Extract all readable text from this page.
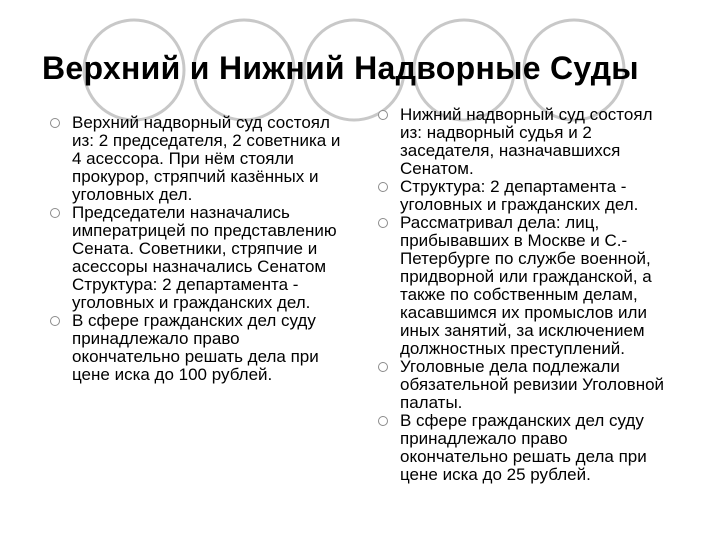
Верхний и Нижний Надворные Суды
Верхний надворный суд состоял из: 2 председателя, 2 советника и 4 асессора. При нём стояли прокурор, стряпчий казённых и уголовных дел.
Председатели назначались императрицей по представлению Сената. Советники, стряпчие и асессоры назначались Сенатом Структура: 2 департамента - уголовных и гражданских дел.
В сфере гражданских дел суду принадлежало право окончательно решать дела при цене иска до 100 рублей.
Нижний надворный суд состоял из: надворный судья и 2 заседателя, назначавшихся Сенатом.
Структура: 2 департамента - уголовных и гражданских дел.
Рассматривал дела: лиц, прибывавших в Москве и С.-Петербурге по службе военной, придворной или гражданской, а также по собственным делам, касавшимся их промыслов или иных занятий, за исключением должностных преступлений.
Уголовные дела подлежали обязательной ревизии Уголовной палаты.
В сфере гражданских дел суду принадлежало право окончательно решать дела при цене иска до 25 рублей.
